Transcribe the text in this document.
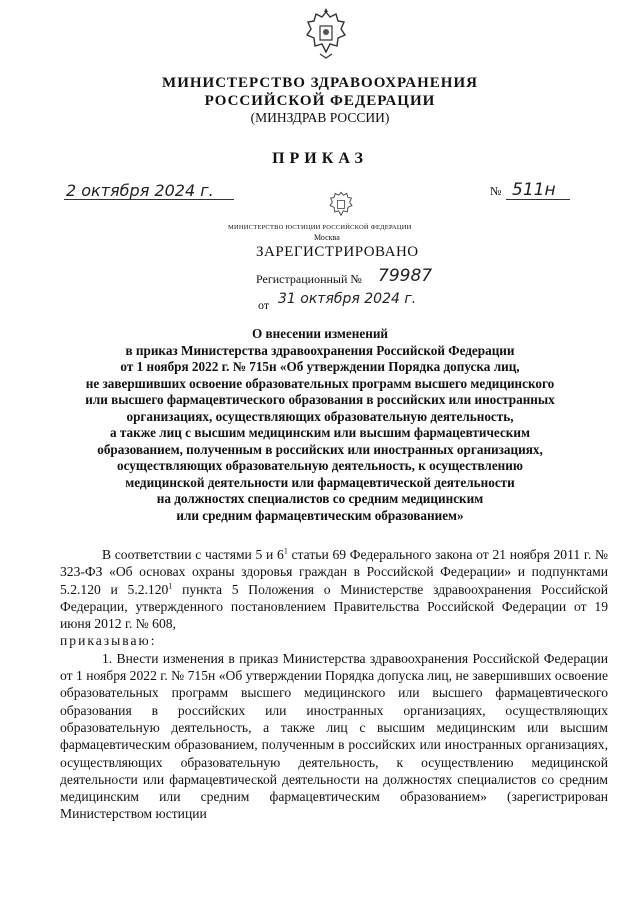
МИНИСТЕРСТВО ЗДРАВООХРАНЕНИЯ
РОССИЙСКОЙ ФЕДЕРАЦИИ
(МИНЗДРАВ РОССИИ)
ПРИКАЗ
2 октября 2024 г.	№ 511н
МИНИСТЕРСТВО ЮСТИЦИИ РОССИЙСКОЙ ФЕДЕРАЦИИ
Москва
ЗАРЕГИСТРИРОВАНО
Регистрационный № 79987
от 31 октября 2024 г.
О внесении изменений
в приказ Министерства здравоохранения Российской Федерации
от 1 ноября 2022 г. № 715н «Об утверждении Порядка допуска лиц,
не завершивших освоение образовательных программ высшего медицинского
или высшего фармацевтического образования в российских или иностранных
организациях, осуществляющих образовательную деятельность,
а также лиц с высшим медицинским или высшим фармацевтическим
образованием, полученным в российских или иностранных организациях,
осуществляющих образовательную деятельность, к осуществлению
медицинской деятельности или фармацевтической деятельности
на должностях специалистов со средним медицинским
или средним фармацевтическим образованием»

В соответствии с частями 5 и $6^1$ статьи 69 Федерального закона от 21 ноября 2011 г. № 323-ФЗ «Об основах охраны здоровья граждан в Российской Федерации» и подпунктами 5.2.120 и 5.2.120$^1$ пункта 5 Положения о Министерстве здравоохранения Российской Федерации, утвержденного постановлением Правительства Российской Федерации от 19 июня 2012 г. № 608,
приказываю:

1. Внести изменения в приказ Министерства здравоохранения Российской Федерации от 1 ноября 2022 г. № 715н «Об утверждении Порядка допуска лиц, не завершивших освоение образовательных программ высшего медицинского или высшего фармацевтического образования в российских или иностранных организациях, осуществляющих образовательную деятельность, а также лиц с высшим медицинским или высшим фармацевтическим образованием, полученным в российских или иностранных организациях, осуществляющих образовательную деятельность, к осуществлению медицинской деятельности или фармацевтической деятельности на должностях специалистов со средним медицинским или средним фармацевтическим образованием» (зарегистрирован Министерством юстиции
